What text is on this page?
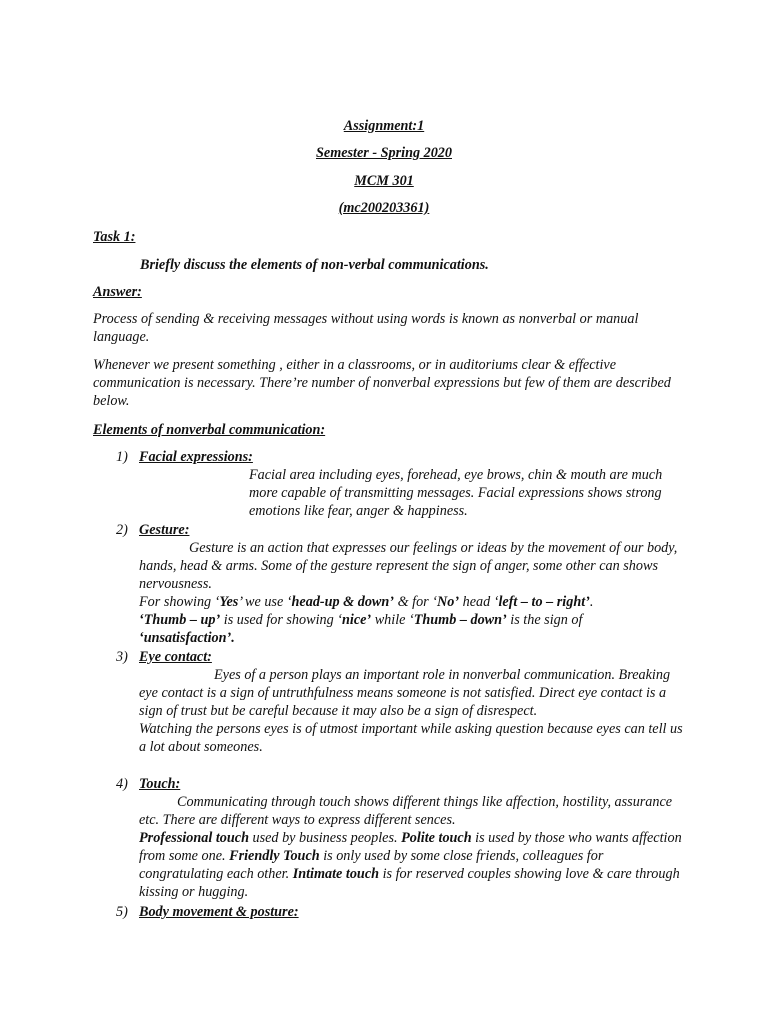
Assignment:1
Semester - Spring 2020
MCM 301
(mc200203361)
Task 1:
Briefly discuss the elements of non-verbal communications.
Answer:

Process of sending & receiving messages without using words is known as nonverbal or manual language.

Whenever we present something , either in a classrooms, or in auditoriums clear & effective communication is necessary. There’re number of nonverbal expressions but few of them are described below.

Elements of nonverbal communication:
1) Facial expressions:

Facial area including eyes, forehead, eye brows, chin & mouth are much more capable of transmitting messages. Facial expressions shows strong emotions like fear, anger & happiness.

2) Gesture:

Gesture is an action that expresses our feelings or ideas by the movement of our body, hands, head & arms. Some of the gesture represent the sign of anger, some other can shows nervousness.

For showing ‘Yes’ we use ‘head-up & down’ & for ‘No’ head ‘left – to – right’.

‘Thumb – up’ is used for showing ‘nice’ while ‘Thumb – down’ is the sign of
‘unsatisfaction’.

3) Eye contact:

Eyes of a person plays an important role in nonverbal communication. Breaking eye contact is a sign of untruthfulness means someone is not satisfied. Direct eye contact is a sign of trust but be careful because it may also be a sign of disrespect.

Watching the persons eyes is of utmost important while asking question because eyes can tell us a lot about someones.

4) Touch:

Communicating through touch shows different things like affection, hostility, assurance etc. There are different ways to express different sences.

Professional touch used by business peoples. Polite touch is used by those who wants affection from some one. Friendly Touch is only used by some close friends, colleagues for congratulating each other. Intimate touch is for reserved couples showing love & care through kissing or hugging.

5) Body movement & posture:
